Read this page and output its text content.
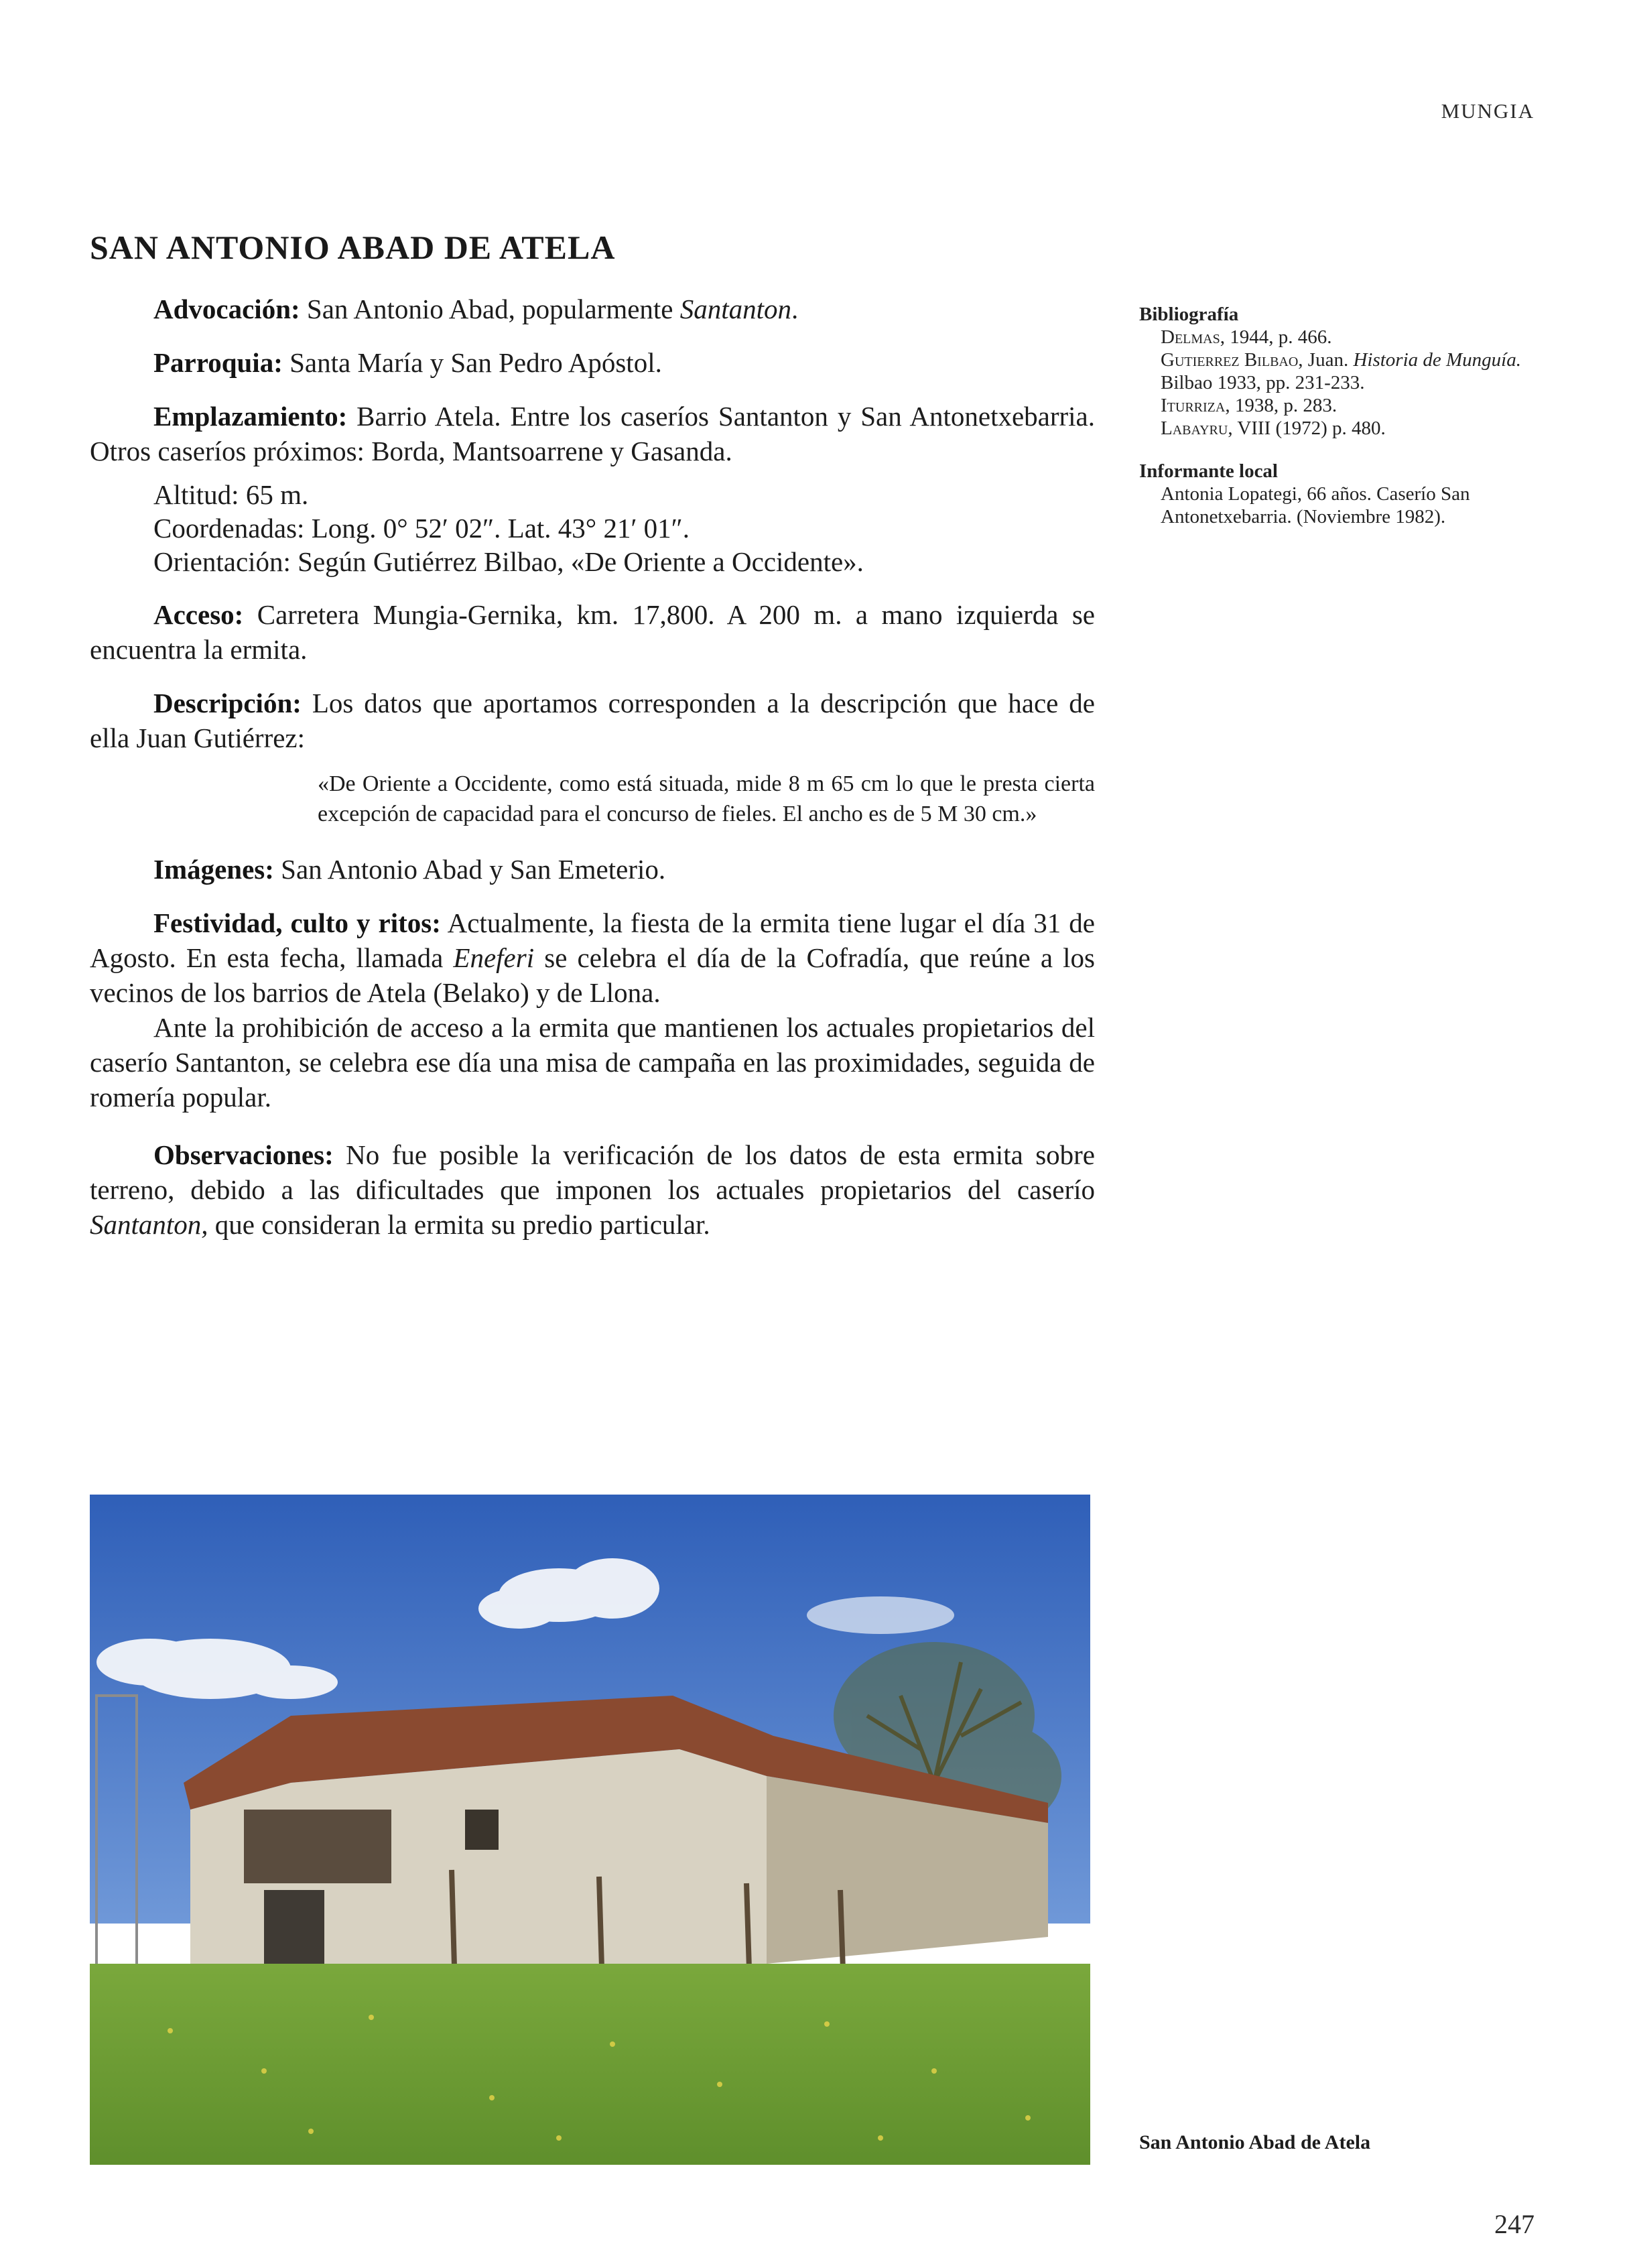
MUNGIA
SAN ANTONIO ABAD DE ATELA

Advocación: San Antonio Abad, popularmente Santanton.

Parroquia: Santa María y San Pedro Apóstol.

Emplazamiento: Barrio Atela. Entre los caseríos Santanton y San Antonetxebarria. Otros caseríos próximos: Borda, Mantsoarrene y Gasanda.

Altitud: 65 m.
Coordenadas: Long. 0° 52′ 02″. Lat. 43° 21′ 01″.
Orientación: Según Gutiérrez Bilbao, «De Oriente a Occidente».

Acceso: Carretera Mungia-Gernika, km. 17,800. A 200 m. a mano izquierda se encuentra la ermita.

Descripción: Los datos que aportamos corresponden a la descripción que hace de ella Juan Gutiérrez:

«De Oriente a Occidente, como está situada, mide 8 m 65 cm lo que le presta cierta excepción de capacidad para el concurso de fieles. El ancho es de 5 M 30 cm.»

Imágenes: San Antonio Abad y San Emeterio.

Festividad, culto y ritos: Actualmente, la fiesta de la ermita tiene lugar el día 31 de Agosto. En esta fecha, llamada Eneferi se celebra el día de la Cofradía, que reúne a los vecinos de los barrios de Atela (Belako) y de Llona.

Ante la prohibición de acceso a la ermita que mantienen los actuales propietarios del caserío Santanton, se celebra ese día una misa de campaña en las proximidades, seguida de romería popular.

Observaciones: No fue posible la verificación de los datos de esta ermita sobre terreno, debido a las dificultades que imponen los actuales propietarios del caserío Santanton, que consideran la ermita su predio particular.

Bibliografía

Delmas, 1944, p. 466.

Gutierrez Bilbao, Juan. Historia de Munguía. Bilbao 1933, pp. 231-233.

Iturriza, 1938, p. 283.

Labayru, VIII (1972) p. 480.

Informante local

Antonia Lopategi, 66 años. Caserío San Antonetxebarria. (Noviembre 1982).

San Antonio Abad de Atela

247
